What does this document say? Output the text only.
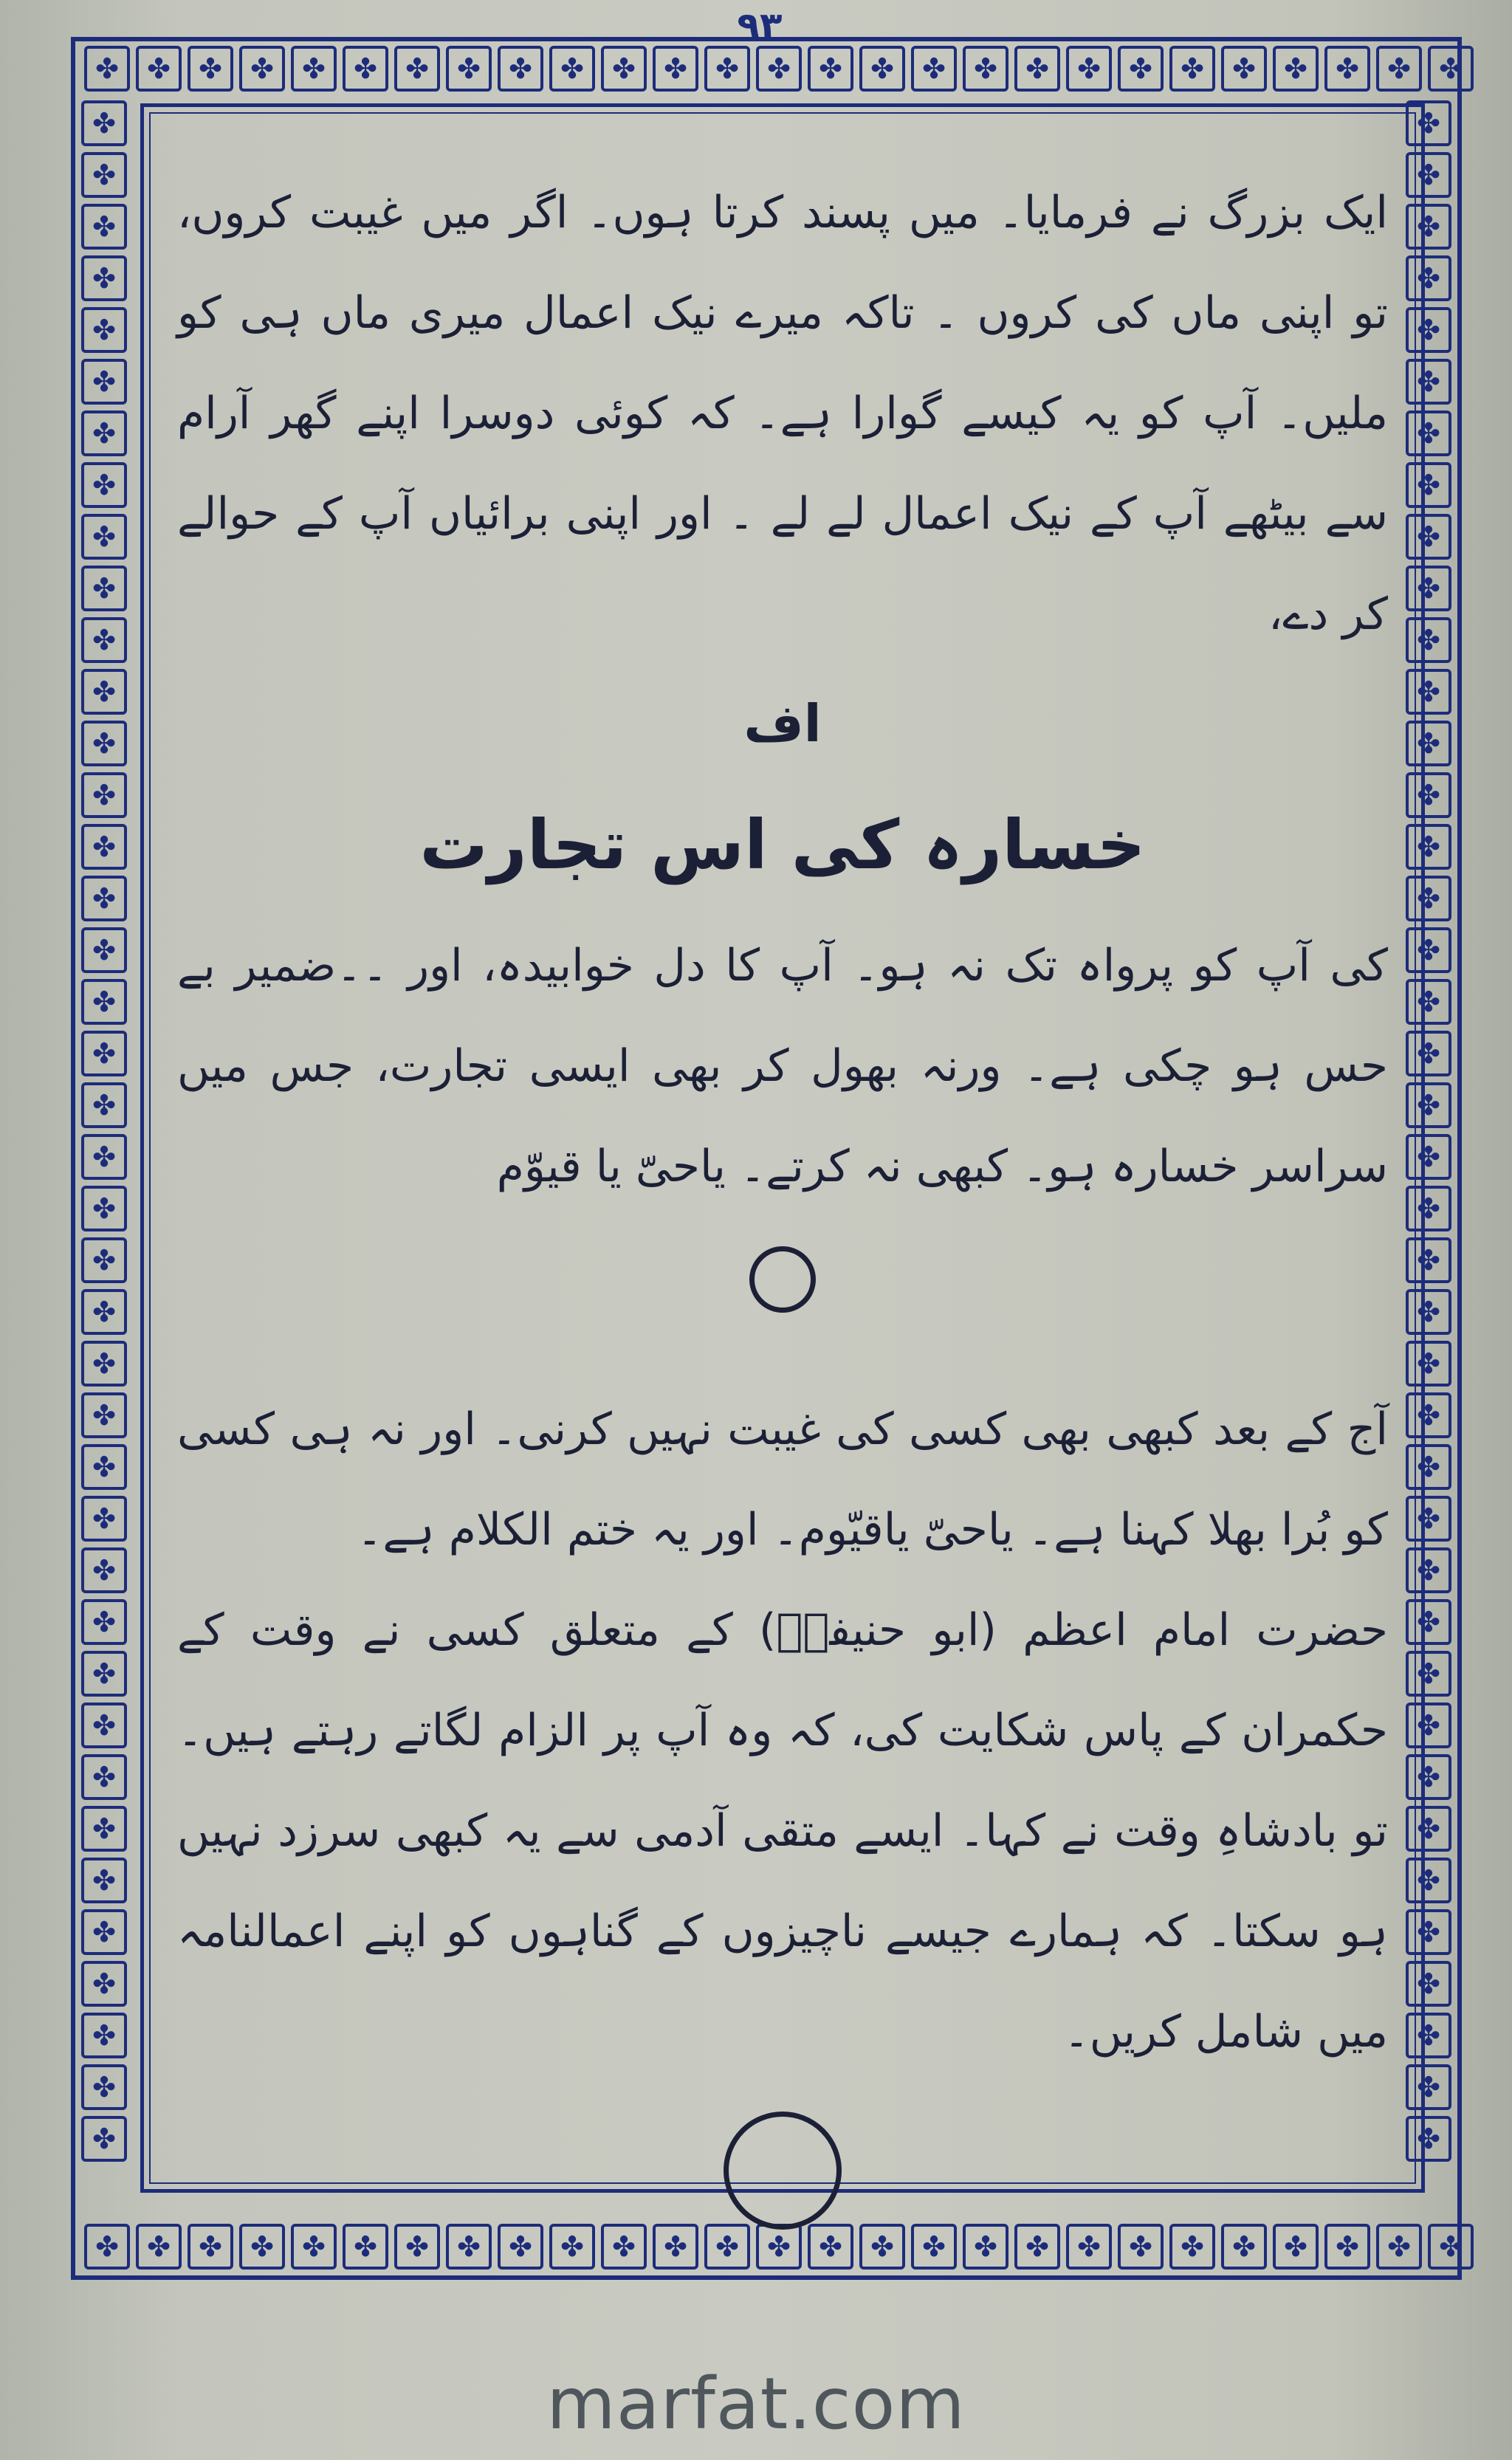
۹۳
✤	✤	✤	✤	✤	✤	✤	✤	✤	✤	✤	✤	✤	✤	✤	✤	✤	✤	✤	✤	✤	✤	✤	✤	✤	✤	✤
✤	✤	✤	✤	✤	✤	✤	✤	✤	✤	✤	✤	✤	✤	✤	✤	✤	✤	✤	✤	✤	✤	✤	✤	✤	✤	✤
✤
✤
✤
✤
✤
✤
✤
✤
✤
✤
✤
✤
✤
✤
✤
✤
✤
✤
✤
✤
✤
✤
✤
✤
✤
✤
✤
✤
✤
✤
✤
✤
✤
✤
✤
✤
✤
✤
✤
✤
✤
✤
✤
✤
✤
✤
✤
✤
✤
✤
✤
✤
✤
✤
✤
✤
✤
✤
✤
✤
✤
✤
✤
✤
✤
✤
✤
✤
✤
✤
✤
✤
✤
✤
✤
✤
✤
✤
✤
✤

ایک بزرگ نے فرمایا۔ میں پسند کرتا ہوں۔ اگر میں غیبت کروں، تو اپنی ماں کی کروں ۔ تاکہ میرے نیک اعمال میری ماں ہی کو ملیں۔ آپ کو یہ کیسے گوارا ہے۔ کہ کوئی دوسرا اپنے گھر آرام سے بیٹھے آپ کے نیک اعمال لے لے ۔ اور اپنی برائیاں آپ کے حوالے کر دے،

اف

خسارہ کی اس تجارت

کی آپ کو پرواہ تک نہ ہو۔ آپ کا دل خوابیدہ، اور ۔۔ضمیر بے حس ہو چکی ہے۔ ورنہ بھول کر بھی ایسی تجارت، جس میں سراسر خسارہ ہو۔ کبھی نہ کرتے۔ یاحیّ یا قیوّم

آج کے بعد کبھی بھی کسی کی غیبت نہیں کرنی۔ اور نہ ہی کسی کو بُرا بھلا کہنا ہے۔ یاحیّ یاقیّوم۔ اور یہ ختم الکلام ہے۔

حضرت امام اعظم (ابو حنیفہؒ) کے متعلق کسی نے وقت کے حکمران کے پاس شکایت کی، کہ وہ آپ پر الزام لگاتے رہتے ہیں۔ تو بادشاہِ وقت نے کہا۔ ایسے متقی آدمی سے یہ کبھی سرزد نہیں ہو سکتا۔ کہ ہمارے جیسے ناچیزوں کے گناہوں کو اپنے اعمالنامہ میں شامل کریں۔

marfat.com
